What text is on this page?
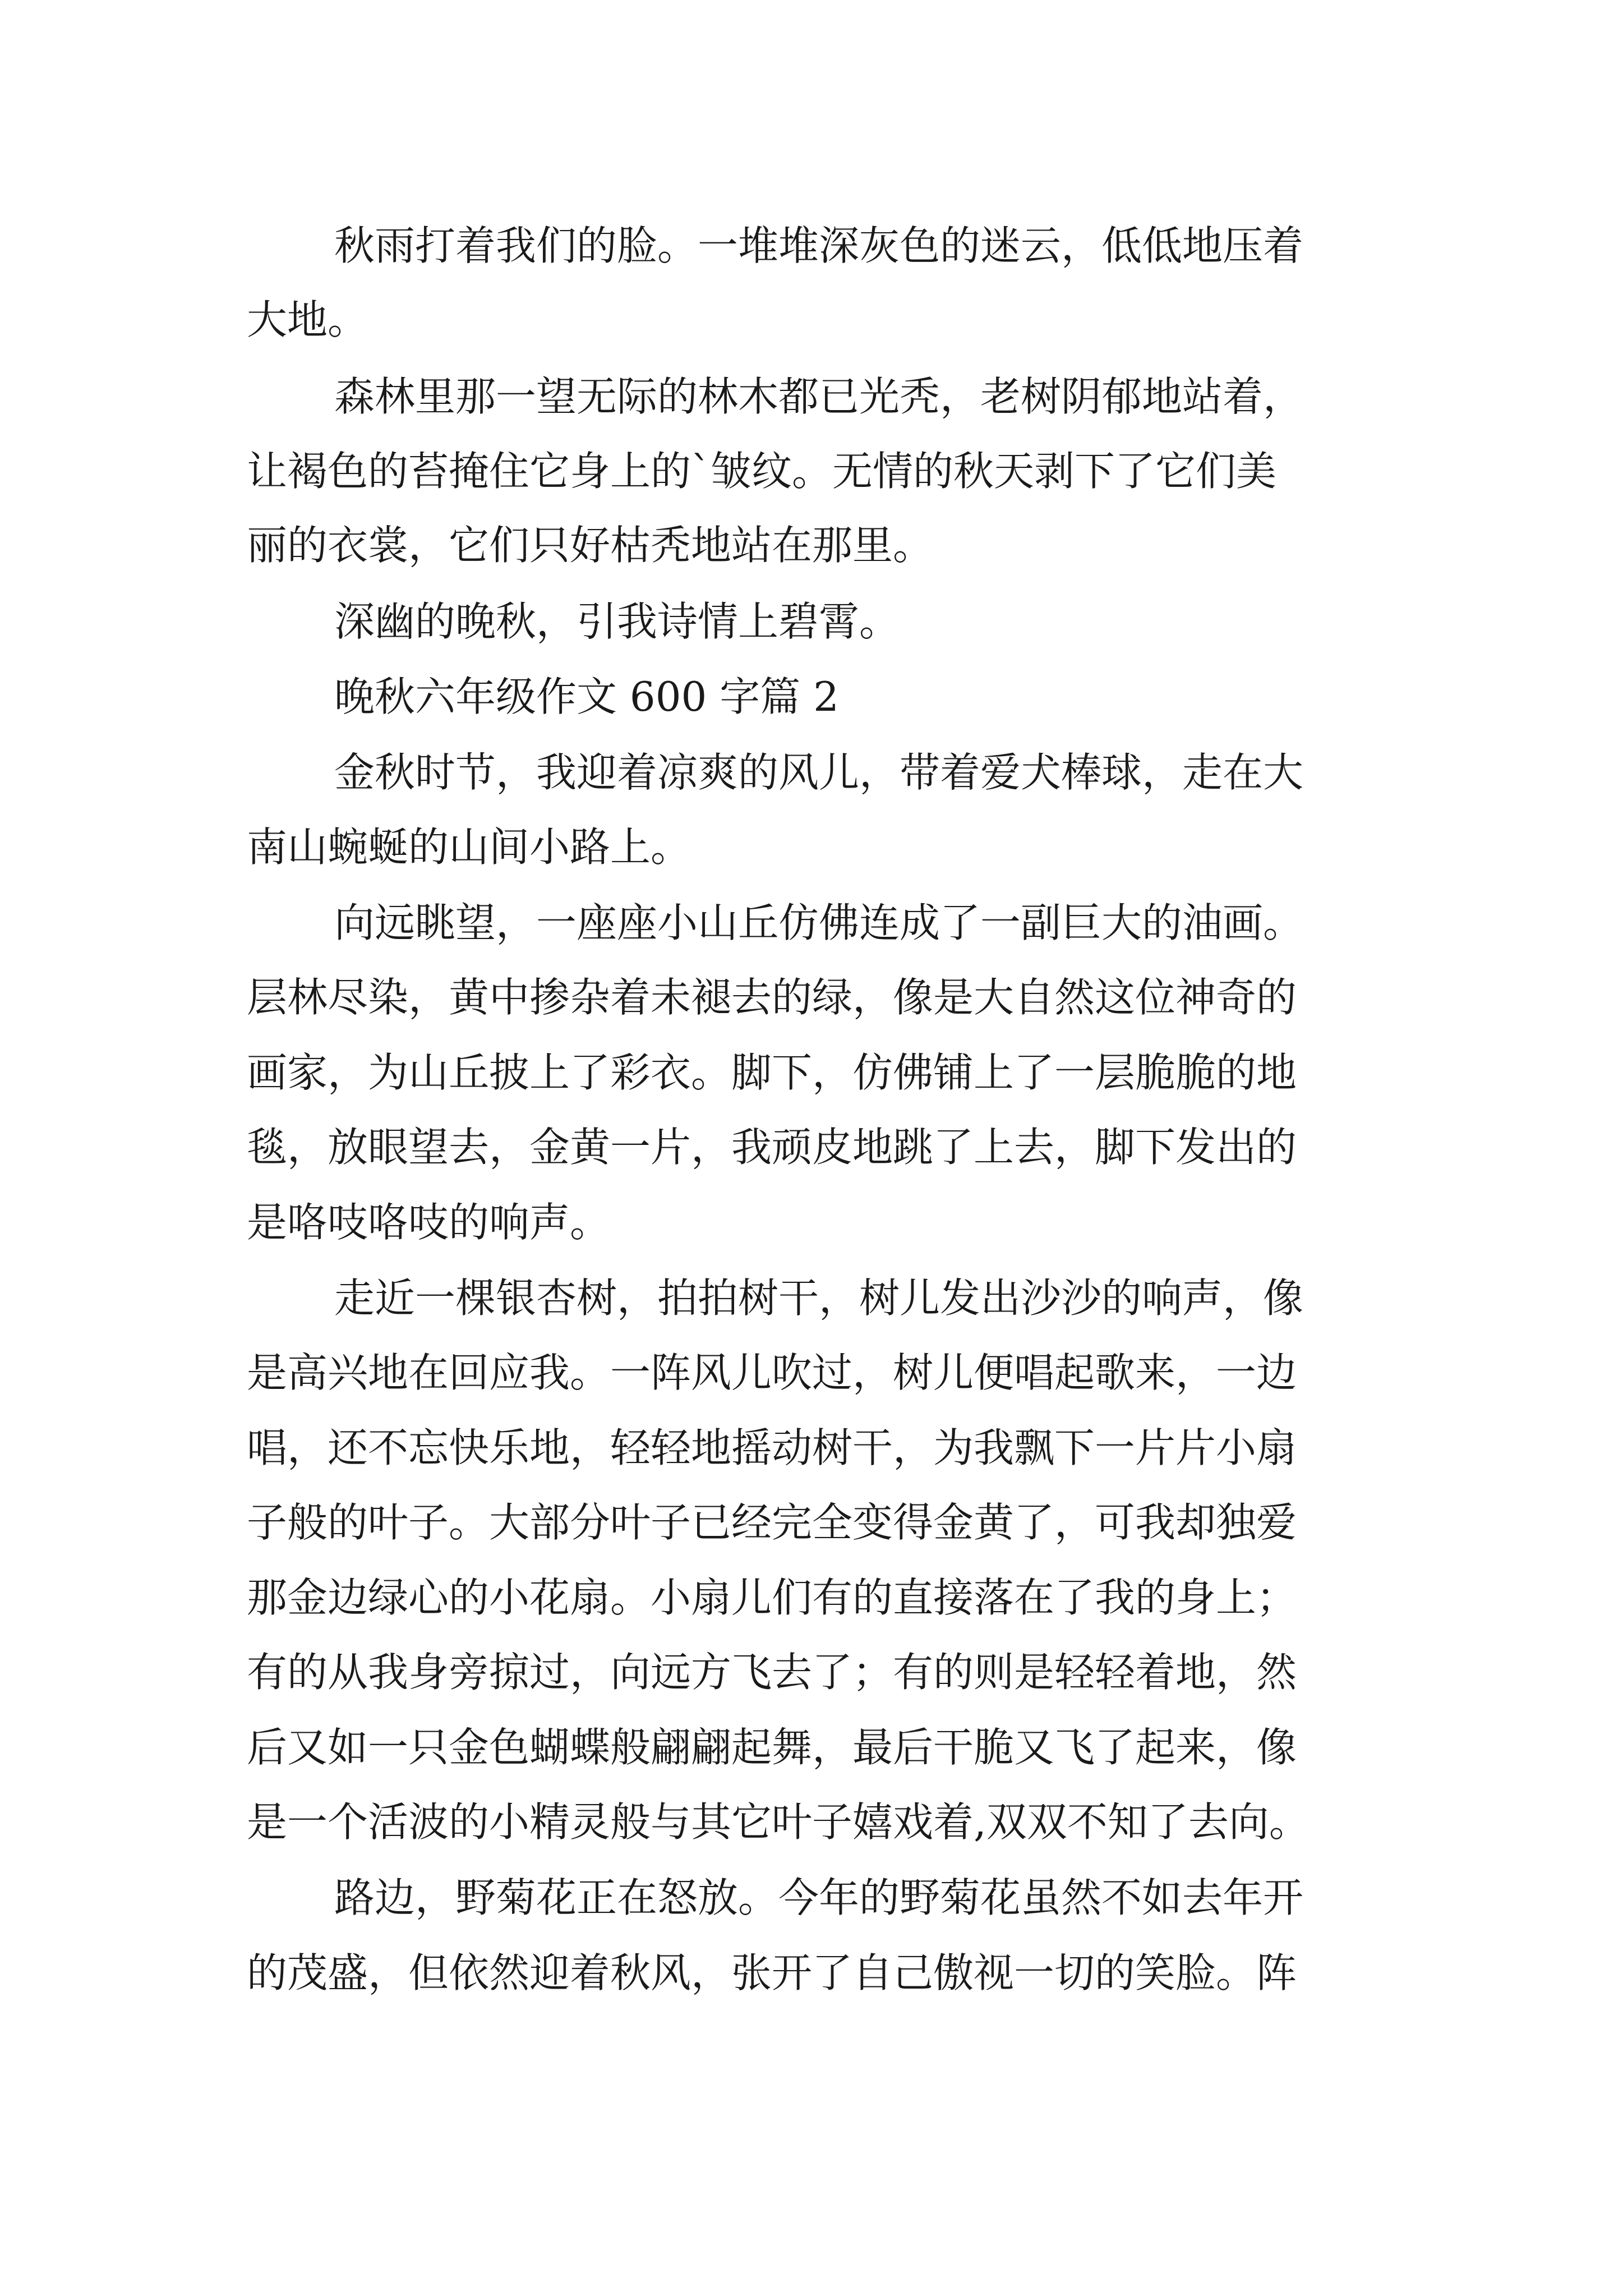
秋雨打着我们的脸。一堆堆深灰色的迷云，低低地压着

大地。

森林里那一望无际的林木都已光秃，老树阴郁地站着，

让褐色的苔掩住它身上的`皱纹。无情的秋天剥下了它们美

丽的衣裳，它们只好枯秃地站在那里。

深幽的晚秋，引我诗情上碧霄。

晚秋六年级作文 600 字篇 2

金秋时节，我迎着凉爽的风儿，带着爱犬棒球，走在大

南山蜿蜒的山间小路上。

向远眺望，一座座小山丘仿佛连成了一副巨大的油画。

层林尽染，黄中掺杂着未褪去的绿，像是大自然这位神奇的

画家，为山丘披上了彩衣。脚下，仿佛铺上了一层脆脆的地

毯，放眼望去，金黄一片，我顽皮地跳了上去，脚下发出的

是咯吱咯吱的响声。

走近一棵银杏树，拍拍树干，树儿发出沙沙的响声，像

是高兴地在回应我。一阵风儿吹过，树儿便唱起歌来，一边

唱，还不忘快乐地，轻轻地摇动树干，为我飘下一片片小扇

子般的叶子。大部分叶子已经完全变得金黄了，可我却独爱

那金边绿心的小花扇。小扇儿们有的直接落在了我的身上；

有的从我身旁掠过，向远方飞去了；有的则是轻轻着地，然

后又如一只金色蝴蝶般翩翩起舞，最后干脆又飞了起来，像

是一个活波的小精灵般与其它叶子嬉戏着,双双不知了去向。

路边，野菊花正在怒放。今年的野菊花虽然不如去年开

的茂盛，但依然迎着秋风，张开了自己傲视一切的笑脸。阵
